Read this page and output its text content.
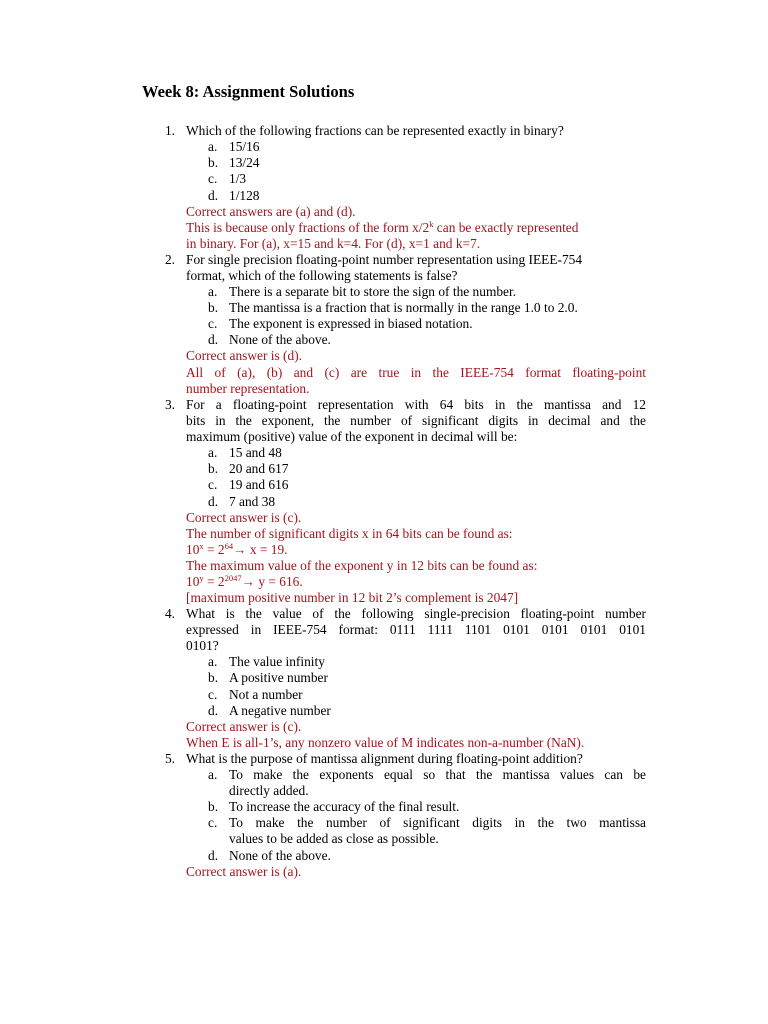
Week 8: Assignment Solutions
1. Which of the following fractions can be represented exactly in binary?
a. 15/16
b. 13/24
c. 1/3
d. 1/128
Correct answers are (a) and (d).
This is because only fractions of the form x/2$^k$ can be exactly represented
in binary. For (a), x=15 and k=4. For (d), x=1 and k=7.
2. For single precision floating-point number representation using IEEE-754
format, which of the following statements is false?
a. There is a separate bit to store the sign of the number.
b. The mantissa is a fraction that is normally in the range 1.0 to 2.0.
c. The exponent is expressed in biased notation.
d. None of the above.
Correct answer is (d).
All of (a), (b) and (c) are true in the IEEE-754 format floating-point
number representation.
3. For a floating-point representation with 64 bits in the mantissa and 12
bits in the exponent, the number of significant digits in decimal and the
maximum (positive) value of the exponent in decimal will be:
a. 15 and 48
b. 20 and 617
c. 19 and 616
d. 7 and 38
Correct answer is (c).
The number of significant digits x in 64 bits can be found as:
$10^x = 2^{64}\to x = 19$.
The maximum value of the exponent y in 12 bits can be found as:
$10^y = 2^{2047}\to y = 616$.
[maximum positive number in 12 bit 2’s complement is 2047]
4. What is the value of the following single-precision floating-point number
expressed in IEEE-754 format: 0111 1111 1101 0101 0101 0101 0101
0101?
a. The value infinity
b. A positive number
c. Not a number
d. A negative number
Correct answer is (c).
When E is all-1’s, any nonzero value of M indicates non-a-number (NaN).
5. What is the purpose of mantissa alignment during floating-point addition?
a. To make the exponents equal so that the mantissa values can be
directly added.
b. To increase the accuracy of the final result.
c. To make the number of significant digits in the two mantissa
values to be added as close as possible.
d. None of the above.
Correct answer is (a).
